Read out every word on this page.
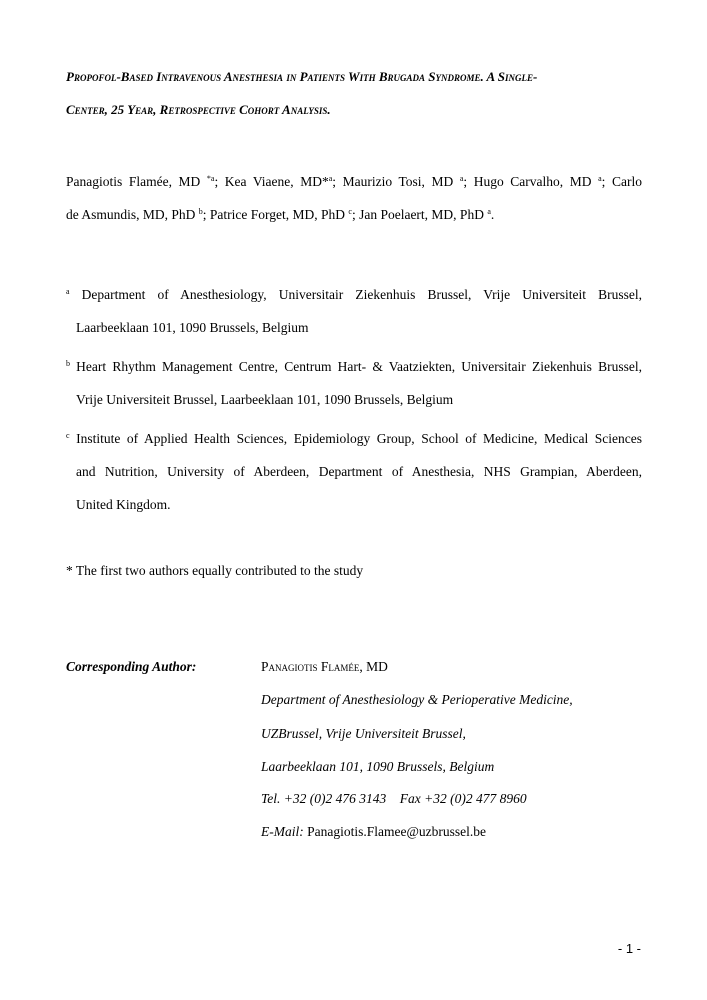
Propofol-Based Intravenous Anesthesia in Patients With Brugada Syndrome. A Single-
Center, 25 Year, Retrospective Cohort Analysis.
Panagiotis Flamée, MD $^{*a}$; Kea Viaene, MD*$^a$; Maurizio Tosi, MD $^a$; Hugo Carvalho, MD $^a$; Carlo
de Asmundis, MD, PhD $^b$; Patrice Forget, MD, PhD $^c$; Jan Poelaert, MD, PhD $^a$.
$^a$ Department of Anesthesiology, Universitair Ziekenhuis Brussel, Vrije Universiteit Brussel,
Laarbeeklaan 101, 1090 Brussels, Belgium
$^b$ Heart Rhythm Management Centre, Centrum Hart- & Vaatziekten, Universitair Ziekenhuis Brussel,
Vrije Universiteit Brussel, Laarbeeklaan 101, 1090 Brussels, Belgium
$^c$ Institute of Applied Health Sciences, Epidemiology Group, School of Medicine, Medical Sciences
and Nutrition, University of Aberdeen, Department of Anesthesia, NHS Grampian, Aberdeen,
United Kingdom.
* The first two authors equally contributed to the study
Corresponding Author:	Panagiotis Flamée, MD
Department of Anesthesiology & Perioperative Medicine,
UZBrussel, Vrije Universiteit Brussel,
Laarbeeklaan 101, 1090 Brussels, Belgium
Tel. +32 (0)2 476 3143    Fax +32 (0)2 477 8960
E-Mail: Panagiotis.Flamee@uzbrussel.be
- 1 -
